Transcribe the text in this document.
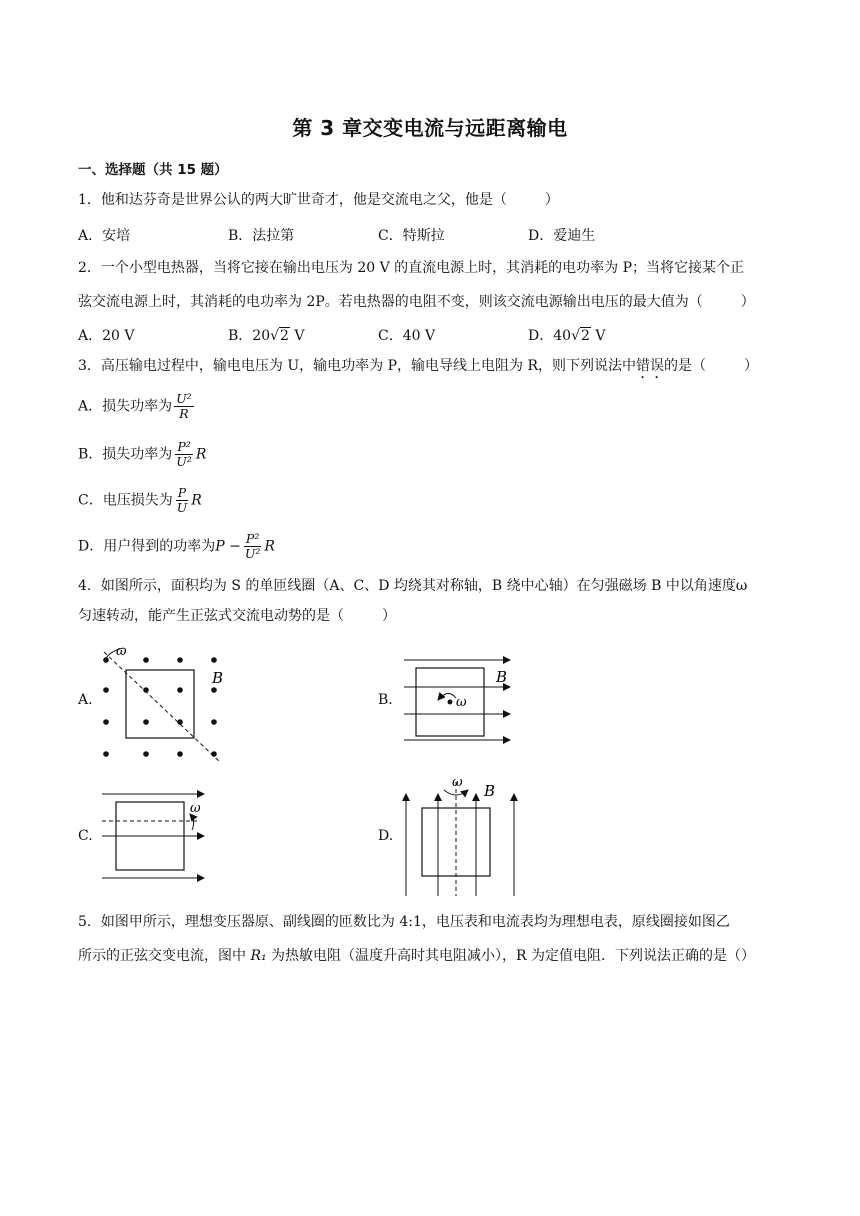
第 3 章交变电流与远距离输电
一、选择题（共 15 题）
1．他和达芬奇是世界公认的两大旷世奇才，他是交流电之父，他是（	）
A．安培	B．法拉第	C．特斯拉	D．爱迪生
2．一个小型电热器，当将它接在输出电压为 20 V 的直流电源上时，其消耗的电功率为 P；当将它接某个正
弦交流电源上时，其消耗的电功率为 2P。若电热器的电阻不变，则该交流电源输出电压的最大值为（	）
A．20 V	B．20√2 V	C．40 V	D．40√2 V
3．高压输电过程中，输电电压为 U，输电功率为 P，输电导线上电阻为 R，则下列说法中错误的是（	）
A．损失功率为 $\frac{\text{U²}}{R}$
B．损失功率为 $\frac{\text{P²}}{\text{U²}}$ R
C．电压损失为 $\frac{P}{U}$ R
D．用户得到的功率为$P - \frac{\text{P²}}{\text{U²}}$ R
4．如图所示，面积均为 S 的单匝线圈（A、C、D 均绕其对称轴，B 绕中心轴）在匀强磁场 B 中以角速度ω
匀速转动，能产生正弦式交流电动势的是（	）
A.
ω
B
B.	ω
B
C.
ω
D.
ω B
5．如图甲所示，理想变压器原、副线圈的匝数比为 4:1，电压表和电流表均为理想电表，原线圈接如图乙
所示的正弦交变电流，图中 R₁ 为热敏电阻（温度升高时其电阻减小），R 为定值电阻．下列说法正确的是（）
